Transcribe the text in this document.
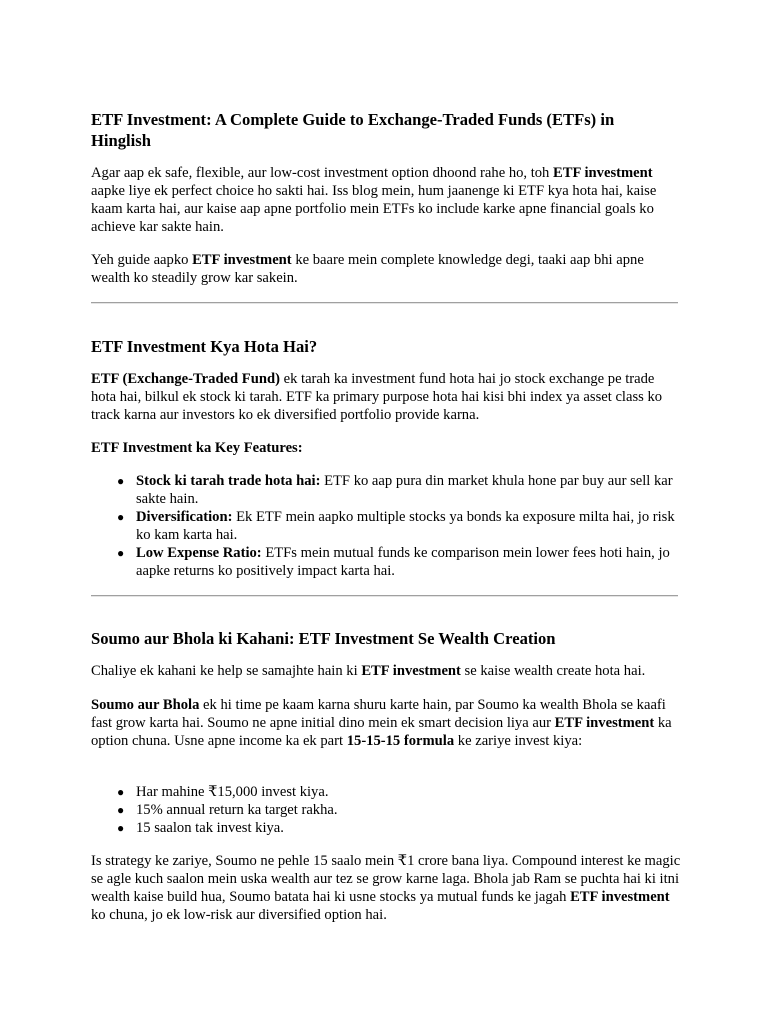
ETF Investment: A Complete Guide to Exchange-Traded Funds (ETFs) in Hinglish

Agar aap ek safe, flexible, aur low-cost investment option dhoond rahe ho, toh ETF investment aapke liye ek perfect choice ho sakti hai. Iss blog mein, hum jaanenge ki ETF kya hota hai, kaise kaam karta hai, aur kaise aap apne portfolio mein ETFs ko include karke apne financial goals ko achieve kar sakte hain.

Yeh guide aapko ETF investment ke baare mein complete knowledge degi, taaki aap bhi apne wealth ko steadily grow kar sakein.

ETF Investment Kya Hota Hai?

ETF (Exchange-Traded Fund) ek tarah ka investment fund hota hai jo stock exchange pe trade hota hai, bilkul ek stock ki tarah. ETF ka primary purpose hota hai kisi bhi index ya asset class ko track karna aur investors ko ek diversified portfolio provide karna.

ETF Investment ka Key Features:

● Stock ki tarah trade hota hai: ETF ko aap pura din market khula hone par buy aur sell kar sakte hain.
● Diversification: Ek ETF mein aapko multiple stocks ya bonds ka exposure milta hai, jo risk ko kam karta hai.
● Low Expense Ratio: ETFs mein mutual funds ke comparison mein lower fees hoti hain, jo aapke returns ko positively impact karta hai.
Soumo aur Bhola ki Kahani: ETF Investment Se Wealth Creation

Chaliye ek kahani ke help se samajhte hain ki ETF investment se kaise wealth create hota hai.

Soumo aur Bhola ek hi time pe kaam karna shuru karte hain, par Soumo ka wealth Bhola se kaafi fast grow karta hai. Soumo ne apne initial dino mein ek smart decision liya aur ETF investment ka option chuna. Usne apne income ka ek part 15-15-15 formula ke zariye invest kiya:

● Har mahine ₹15,000 invest kiya.
● 15% annual return ka target rakha.
● 15 saalon tak invest kiya.

Is strategy ke zariye, Soumo ne pehle 15 saalo mein ₹1 crore bana liya. Compound interest ke magic se agle kuch saalon mein uska wealth aur tez se grow karne laga. Bhola jab Ram se puchta hai ki itni wealth kaise build hua, Soumo batata hai ki usne stocks ya mutual funds ke jagah ETF investment ko chuna, jo ek low-risk aur diversified option hai.
